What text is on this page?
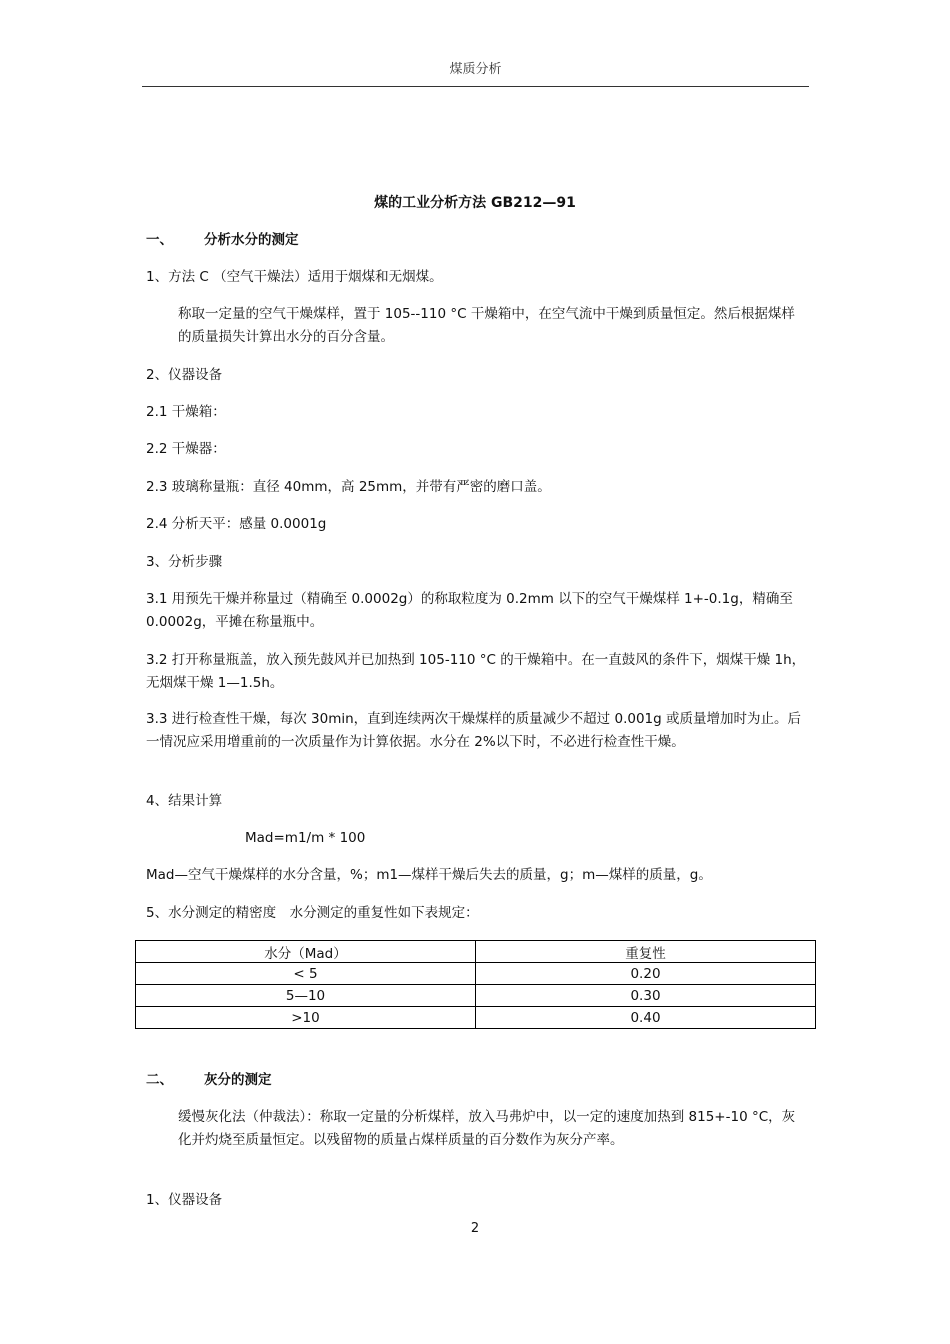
煤质分析
煤的工业分析方法 GB212—91
一、 分析水分的测定
1、方法 C （空气干燥法）适用于烟煤和无烟煤。
称取一定量的空气干燥煤样，置于 105--110 °C 干燥箱中，在空气流中干燥到质量恒定。然后根据煤样的质量损失计算出水分的百分含量。
2、仪器设备
2.1 干燥箱：
2.2 干燥器：
2.3 玻璃称量瓶：直径 40mm，高 25mm，并带有严密的磨口盖。
2.4 分析天平：感量 0.0001g
3、分析步骤
3.1 用预先干燥并称量过（精确至 0.0002g）的称取粒度为 0.2mm 以下的空气干燥煤样 1+-0.1g，精确至 0.0002g，平摊在称量瓶中。
3.2 打开称量瓶盖，放入预先鼓风并已加热到 105-110 °C 的干燥箱中。在一直鼓风的条件下，烟煤干燥 1h，无烟煤干燥 1—1.5h。
3.3 进行检查性干燥，每次 30min，直到连续两次干燥煤样的质量减少不超过 0.001g 或质量增加时为止。后一情况应采用增重前的一次质量作为计算依据。水分在 2%以下时，不必进行检查性干燥。
4、结果计算
Mad=m1/m * 100
Mad—空气干燥煤样的水分含量，%；m1—煤样干燥后失去的质量，g；m—煤样的质量，g。
5、水分测定的精密度　水分测定的重复性如下表规定：
水分（Mad）	重复性
< 5	0.20
5—10	0.30
>10	0.40
二、 灰分的测定
缓慢灰化法（仲裁法）：称取一定量的分析煤样，放入马弗炉中，以一定的速度加热到 815+-10 °C，灰化并灼烧至质量恒定。以残留物的质量占煤样质量的百分数作为灰分产率。
1、仪器设备
2
